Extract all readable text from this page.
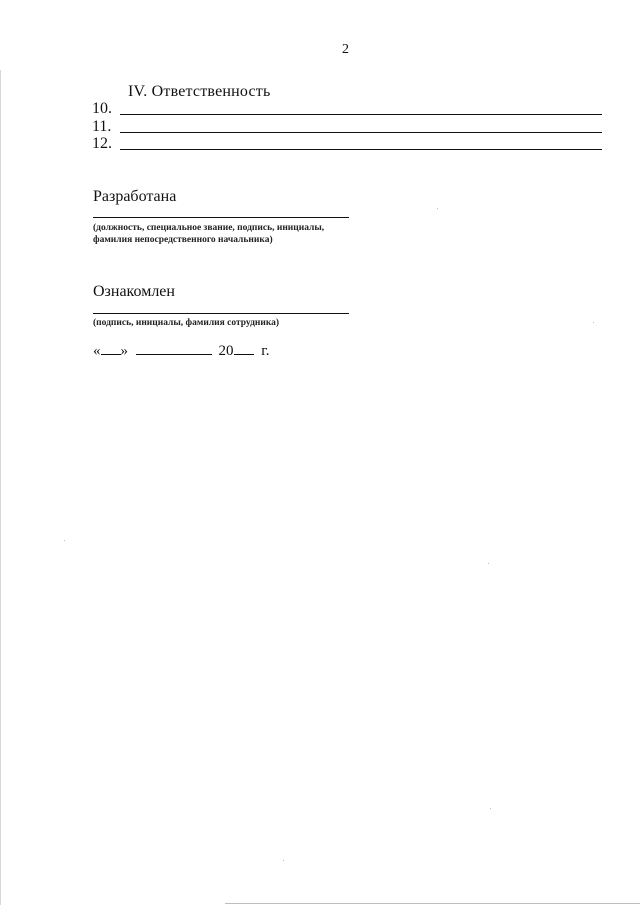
2
IV. Ответственность
10.
11.
12.
Разработана
(должность, специальное звание, подпись, инициалы,
фамилия непосредственного начальника)
Ознакомлен
(подпись, инициалы, фамилия сотрудника)
« »	20 г.
